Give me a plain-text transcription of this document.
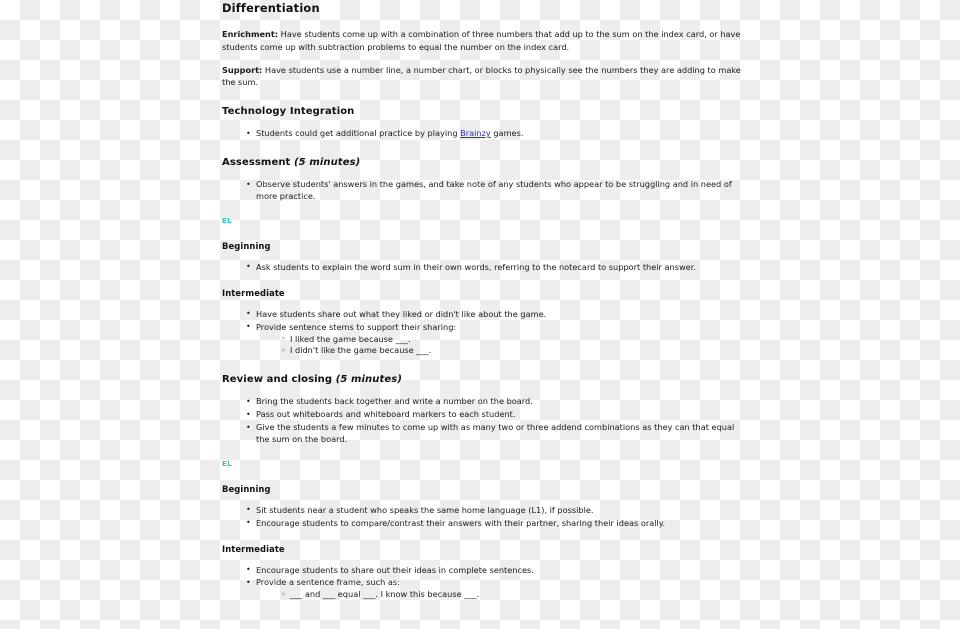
Differentiation

Enrichment: Have students come up with a combination of three numbers that add up to the sum on the index card, or have students come up with subtraction problems to equal the number on the index card.

Support: Have students use a number line, a number chart, or blocks to physically see the numbers they are adding to make the sum.

Technology Integration
• Students could get additional practice by playing Brainzy games.
Assessment (5 minutes)
• Observe students' answers in the games, and take note of any students who appear to be struggling and in need of more practice.
EL
Beginning
• Ask students to explain the word sum in their own words, referring to the notecard to support their answer.
Intermediate
• Have students share out what they liked or didn't like about the game.
• Provide sentence stems to support their sharing:
◦ I liked the game because ___.
◦ I didn't like the game because ___.
Review and closing (5 minutes)
• Bring the students back together and write a number on the board.
• Pass out whiteboards and whiteboard markers to each student.
• Give the students a few minutes to come up with as many two or three addend combinations as they can that equal the sum on the board.
EL
Beginning
• Sit students near a student who speaks the same home language (L1), if possible.
• Encourage students to compare/contrast their answers with their partner, sharing their ideas orally.
Intermediate
• Encourage students to share out their ideas in complete sentences.
• Provide a sentence frame, such as:
◦ ___ and ___ equal ___. I know this because ___.
